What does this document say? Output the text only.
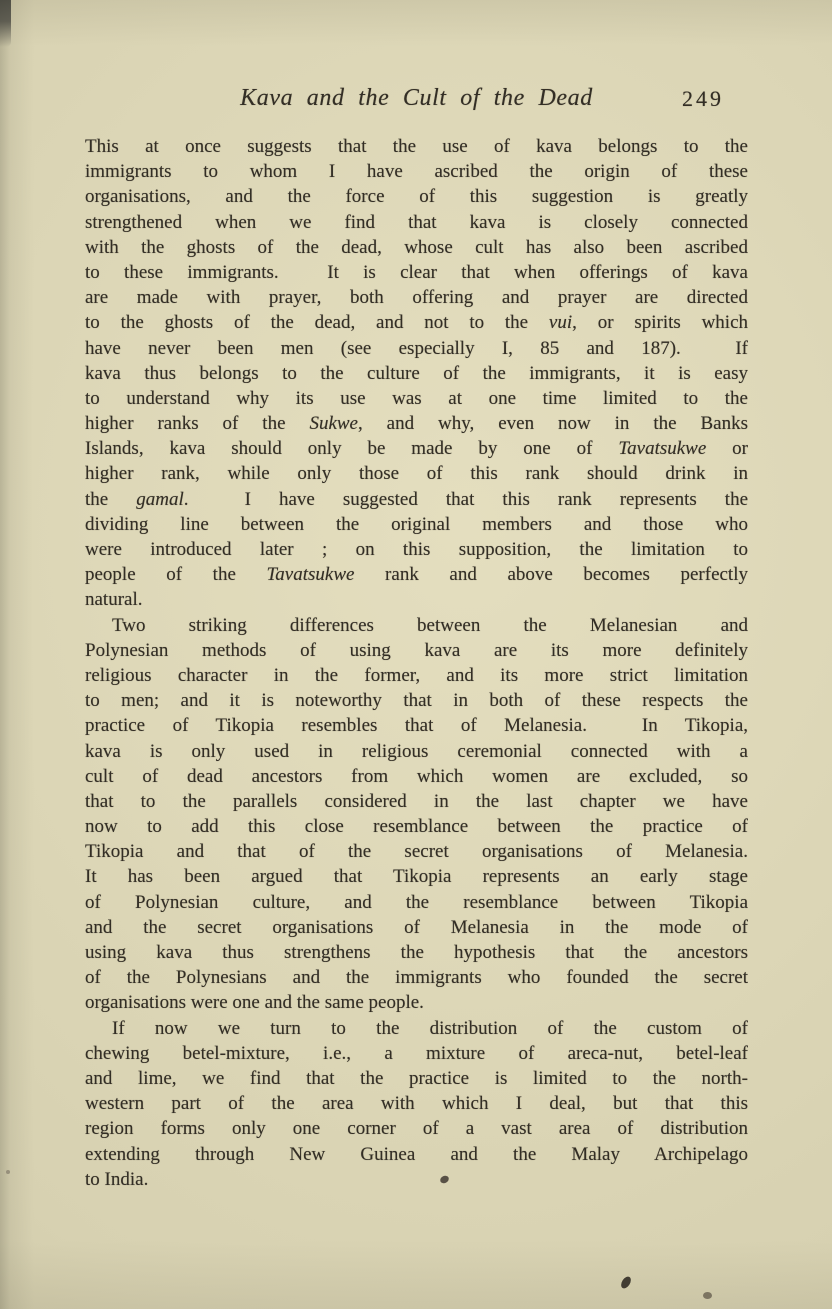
Kava and the Cult of the Dead	249
This at once suggests that the use of kava belongs to the
immigrants to whom I have ascribed the origin of these
organisations, and the force of this suggestion is greatly
strengthened when we find that kava is closely connected
with the ghosts of the dead, whose cult has also been ascribed
to these immigrants.  It is clear that when offerings of kava
are made with prayer, both offering and prayer are directed
to the ghosts of the dead, and not to the vui, or spirits which
have never been men (see especially I, 85 and 187).  If
kava thus belongs to the culture of the immigrants, it is easy
to understand why its use was at one time limited to the
higher ranks of the Sukwe, and why, even now in the Banks
Islands, kava should only be made by one of Tavatsukwe or
higher rank, while only those of this rank should drink in
the gamal.  I have suggested that this rank represents the
dividing line between the original members and those who
were introduced later ; on this supposition, the limitation to
people of the Tavatsukwe rank and above becomes perfectly
natural.
Two striking differences between the Melanesian and
Polynesian methods of using kava are its more definitely
religious character in the former, and its more strict limitation
to men; and it is noteworthy that in both of these respects the
practice of Tikopia resembles that of Melanesia.  In Tikopia,
kava is only used in religious ceremonial connected with a
cult of dead ancestors from which women are excluded, so
that to the parallels considered in the last chapter we have
now to add this close resemblance between the practice of
Tikopia and that of the secret organisations of Melanesia.
It has been argued that Tikopia represents an early stage
of Polynesian culture, and the resemblance between Tikopia
and the secret organisations of Melanesia in the mode of
using kava thus strengthens the hypothesis that the ancestors
of the Polynesians and the immigrants who founded the secret
organisations were one and the same people.
If now we turn to the distribution of the custom of
chewing betel-mixture, i.e., a mixture of areca-nut, betel-leaf
and lime, we find that the practice is limited to the north-
western part of the area with which I deal, but that this
region forms only one corner of a vast area of distribution
extending through New Guinea and the Malay Archipelago
to India.
